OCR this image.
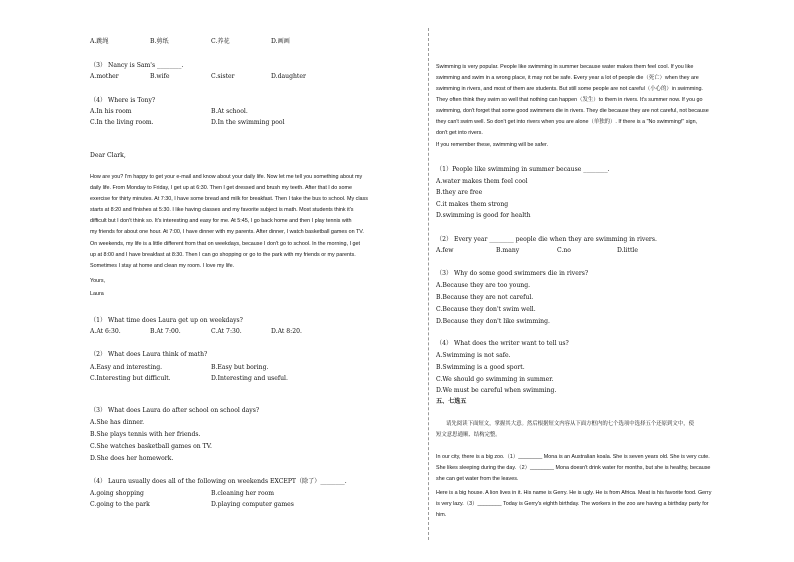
A.跳绳	B.剪纸	C.养花	D.画画
（3） Nancy is Sam's ________.
A.mother	B.wife	C.sister	D.daughter
（4） Where is Tony?
A.In his room	B.At school.
C.In the living room.	D.In the swimming pool
Dear Clark,
How are you? I'm happy to get your e-mail and know about your daily life. Now let me tell you something about my
daily life. From Monday to Friday, I get up at 6:30. Then I get dressed and brush my teeth. After that I do some
exercise for thirty minutes. At 7:30, I have some bread and milk for breakfast. Then I take the bus to school. My class
starts at 8:20 and finishes at 5:30. I like having classes and my favorite subject is math. Most students think it's
difficult but I don't think so. It's interesting and easy for me. At 5:45, I go back home and then I play tennis with
my friends for about one hour. At 7:00, I have dinner with my parents. After dinner, I watch basketball games on TV.
On weekends, my life is a little different from that on weekdays, because I don't go to school. In the morning, I get
up at 8:00 and I have breakfast at 8:30. Then I can go shopping or go to the park with my friends or my parents.
Sometimes I stay at home and clean my room. I love my life.
Yours,
Laura
（1） What time does Laura get up on weekdays?
A.At 6:30.	B.At 7:00.	C.At 7:30.	D.At 8:20.
（2） What does Laura think of math?
A.Easy and interesting.	B.Easy but boring.
C.Interesting but difficult.	D.Interesting and useful.
（3） What does Laura do after school on school days?
A.She has dinner.
B.She plays tennis with her friends.
C.She watches basketball games on TV.
D.She does her homework.
（4） Laura usually does all of the following on weekends EXCEPT（除了）________.
A.going shopping	B.cleaning her room
C.going to the park	D.playing computer games
Swimming is very popular. People like swimming in summer because water makes them feel cool. If you like
swimming and swim in a wrong place, it may not be safe. Every year a lot of people die（死亡）when they are
swimming in rivers, and most of them are students. But still some people are not careful（小心的）in swimming.
They often think they swim so well that nothing can happen（发生）to them in rivers. It's summer now. If you go
swimming, don't forget that some good swimmers die in rivers. They die because they are not careful, not because
they can't swim well. So don't get into rivers when you are alone（单独的）. If there is a "No swimming!" sign,
don't get into rivers.
If you remember these, swimming will be safer.
（1）People like swimming in summer because ________.
A.water makes them feel cool
B.they are free
C.it makes them strong
D.swimming is good for health
（2） Every year ________ people die when they are swimming in rivers.
A.few	B.many	C.no	D.little
（3） Why do some good swimmers die in rivers?
A.Because they are too young.
B.Because they are not careful.
C.Because they don't swim well.
D.Because they don't like swimming.
（4） What does the writer want to tell us?
A.Swimming is not safe.
B.Swimming is a good sport.
C.We should go swimming in summer.
D.We must be careful when swimming.
五、七选五
请先阅读下面短文，掌握其大意。然后根据短文内容从下面方框内的七个选项中选择五个还原到文中，使
短文意思通顺、结构完整。
In our city, there is a big zoo.（1）________ Mona is an Australian koala. She is seven years old. She is very cute.
She likes sleeping during the day.（2）________ Mona doesn't drink water for months, but she is healthy, because
she can get water from the leaves.
Here is a big house. A lion lives in it. His name is Gerry. He is ugly. He is from Africa. Meat is his favorite food. Gerry
is very lazy.（3）________ Today is Gerry's eighth birthday. The workers in the zoo are having a birthday party for
him.
